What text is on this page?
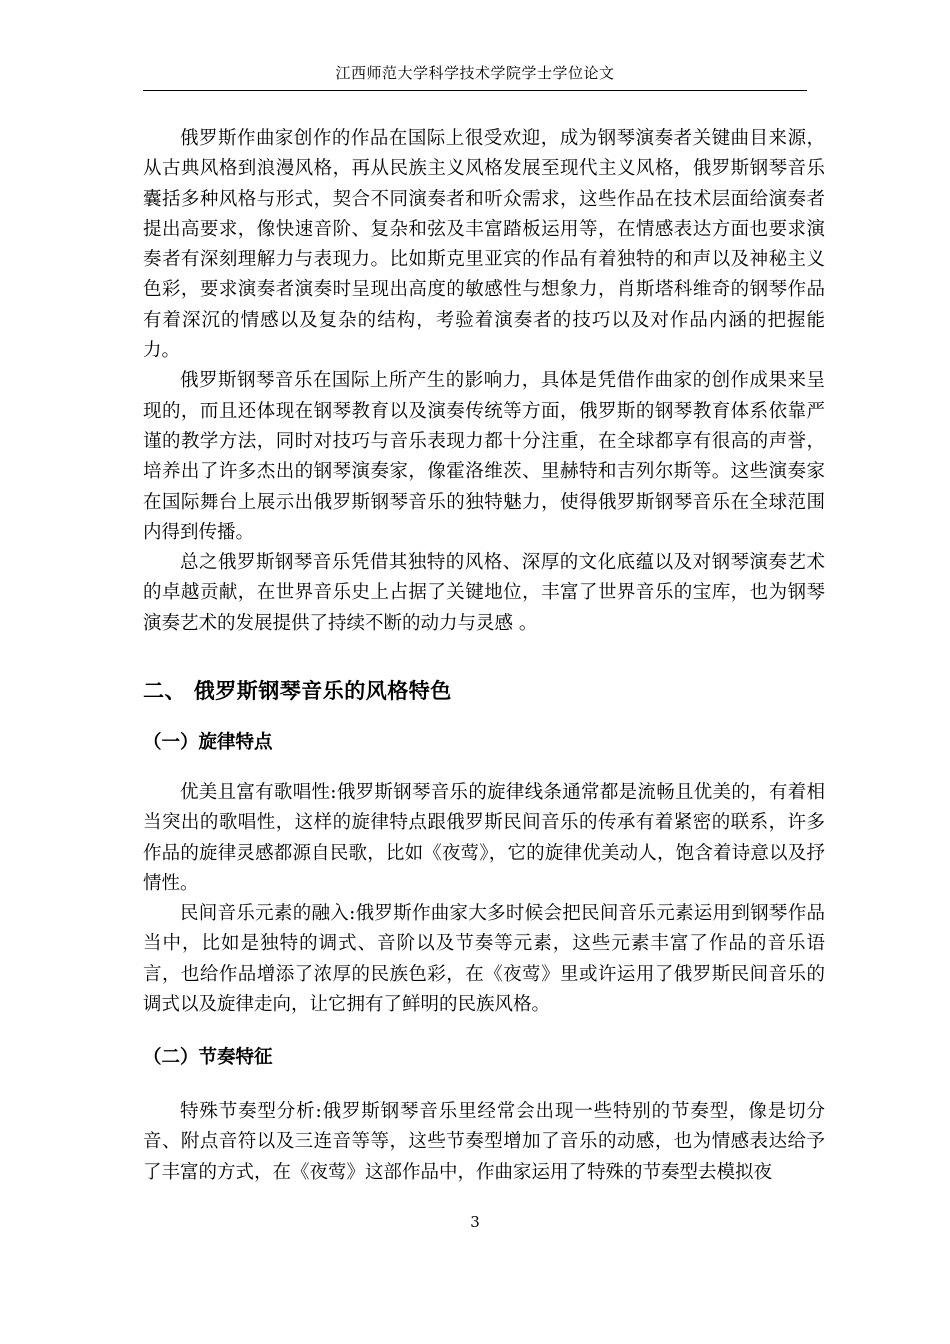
江西师范大学科学技术学院学士学位论文

俄罗斯作曲家创作的作品在国际上很受欢迎，成为钢琴演奏者关键曲目来源，从古典风格到浪漫风格，再从民族主义风格发展至现代主义风格，俄罗斯钢琴音乐囊括多种风格与形式，契合不同演奏者和听众需求，这些作品在技术层面给演奏者提出高要求，像快速音阶、复杂和弦及丰富踏板运用等，在情感表达方面也要求演奏者有深刻理解力与表现力。比如斯克里亚宾的作品有着独特的和声以及神秘主义色彩，要求演奏者演奏时呈现出高度的敏感性与想象力，肖斯塔科维奇的钢琴作品有着深沉的情感以及复杂的结构，考验着演奏者的技巧以及对作品内涵的把握能力。

俄罗斯钢琴音乐在国际上所产生的影响力，具体是凭借作曲家的创作成果来呈现的，而且还体现在钢琴教育以及演奏传统等方面，俄罗斯的钢琴教育体系依靠严谨的教学方法，同时对技巧与音乐表现力都十分注重，在全球都享有很高的声誉，培养出了许多杰出的钢琴演奏家，像霍洛维茨、里赫特和吉列尔斯等。这些演奏家在国际舞台上展示出俄罗斯钢琴音乐的独特魅力，使得俄罗斯钢琴音乐在全球范围内得到传播。

总之俄罗斯钢琴音乐凭借其独特的风格、深厚的文化底蕴以及对钢琴演奏艺术的卓越贡献，在世界音乐史上占据了关键地位，丰富了世界音乐的宝库，也为钢琴演奏艺术的发展提供了持续不断的动力与灵感 。

二、 俄罗斯钢琴音乐的风格特色
（一）旋律特点

优美且富有歌唱性:俄罗斯钢琴音乐的旋律线条通常都是流畅且优美的，有着相当突出的歌唱性，这样的旋律特点跟俄罗斯民间音乐的传承有着紧密的联系，许多作品的旋律灵感都源自民歌，比如《夜莺》，它的旋律优美动人，饱含着诗意以及抒情性。

民间音乐元素的融入:俄罗斯作曲家大多时候会把民间音乐元素运用到钢琴作品当中，比如是独特的调式、音阶以及节奏等元素，这些元素丰富了作品的音乐语言，也给作品增添了浓厚的民族色彩，在《夜莺》里或许运用了俄罗斯民间音乐的调式以及旋律走向，让它拥有了鲜明的民族风格。

（二）节奏特征

特殊节奏型分析:俄罗斯钢琴音乐里经常会出现一些特别的节奏型，像是切分音、附点音符以及三连音等等，这些节奏型增加了音乐的动感，也为情感表达给予了丰富的方式，在《夜莺》这部作品中，作曲家运用了特殊的节奏型去模拟夜

3
